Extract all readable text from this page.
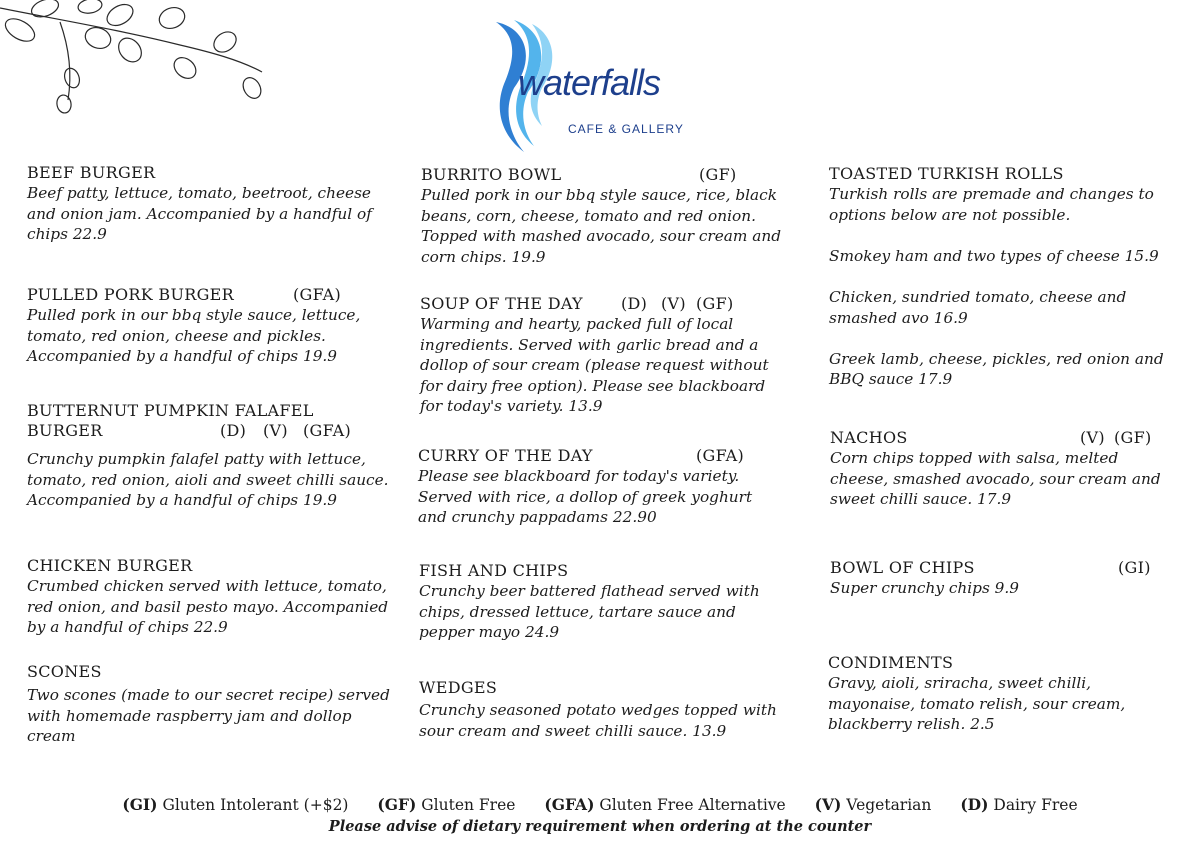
waterfalls
CAFE & GALLERY
BEEF BURGER

Beef patty, lettuce, tomato, beetroot, cheese and onion jam. Accompanied by a handful of chips 22.9

PULLED PORK BURGER	(GFA)

Pulled pork in our bbq style sauce, lettuce, tomato, red onion, cheese and pickles. Accompanied by a handful of chips 19.9

BUTTERNUT PUMPKIN FALAFEL
BURGER	(D) (V) (GFA)

Crunchy pumpkin falafel patty with lettuce, tomato, red onion, aioli and sweet chilli sauce. Accompanied by a handful of chips 19.9

CHICKEN BURGER

Crumbed chicken served with lettuce, tomato, red onion, and basil pesto mayo. Accompanied by a handful of chips 22.9

SCONES

Two scones (made to our secret recipe) served with homemade raspberry jam and dollop cream

BURRITO BOWL	(GF)

Pulled pork in our bbq style sauce, rice, black beans, corn, cheese, tomato and red onion. Topped with mashed avocado, sour cream and corn chips. 19.9

SOUP OF THE DAY (D) (V) (GF)

Warming and hearty, packed full of local ingredients. Served with garlic bread and a dollop of sour cream (please request without for dairy free option). Please see blackboard for today's variety. 13.9

CURRY OF THE DAY	(GFA)

Please see blackboard for today's variety. Served with rice, a dollop of greek yoghurt and crunchy pappadams 22.90

FISH AND CHIPS

Crunchy beer battered flathead served with chips, dressed lettuce, tartare sauce and pepper mayo 24.9

WEDGES

Crunchy seasoned potato wedges topped with sour cream and sweet chilli sauce. 13.9

TOASTED TURKISH ROLLS

Turkish rolls are premade and changes to options below are not possible.

Smokey ham and two types of cheese 15.9

Chicken, sundried tomato, cheese and smashed avo 16.9

Greek lamb, cheese, pickles, red onion and BBQ sauce 17.9

NACHOS	(V) (GF)

Corn chips topped with salsa, melted cheese, smashed avocado, sour cream and sweet chilli sauce. 17.9

BOWL OF CHIPS	(GI)

Super crunchy chips 9.9

CONDIMENTS

Gravy, aioli, sriracha, sweet chilli, mayonaise, tomato relish, sour cream, blackberry relish. 2.5

(GI) Gluten Intolerant (+$2) (GF) Gluten Free (GFA) Gluten Free Alternative (V) Vegetarian (D) Dairy Free
Please advise of dietary requirement when ordering at the counter
